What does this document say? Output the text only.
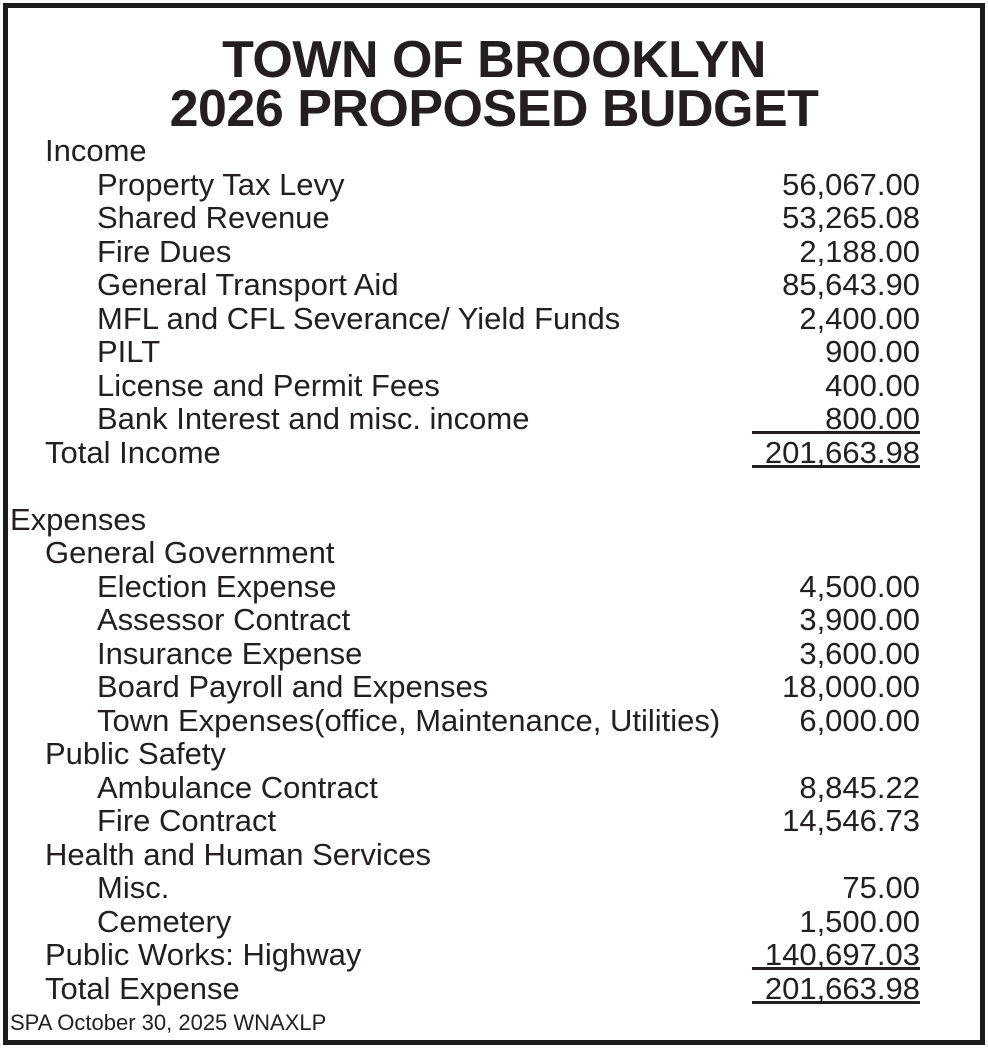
TOWN OF BROOKLYN
2026 PROPOSED BUDGET
Income
Property Tax Levy	56,067.00
Shared Revenue	53,265.08
Fire Dues	2,188.00
General Transport Aid	85,643.90
MFL and CFL Severance/ Yield Funds	2,400.00
PILT	900.00
License and Permit Fees	400.00
Bank Interest and misc. income	800.00
Total Income	201,663.98
Expenses
General Government
Election Expense	4,500.00
Assessor Contract	3,900.00
Insurance Expense	3,600.00
Board Payroll and Expenses	18,000.00
Town Expenses(office, Maintenance, Utilities)	6,000.00
Public Safety
Ambulance Contract	8,845.22
Fire Contract	14,546.73
Health and Human Services
Misc.	75.00
Cemetery	1,500.00
Public Works: Highway	140,697.03
Total Expense	201,663.98
SPA October 30, 2025 WNAXLP
